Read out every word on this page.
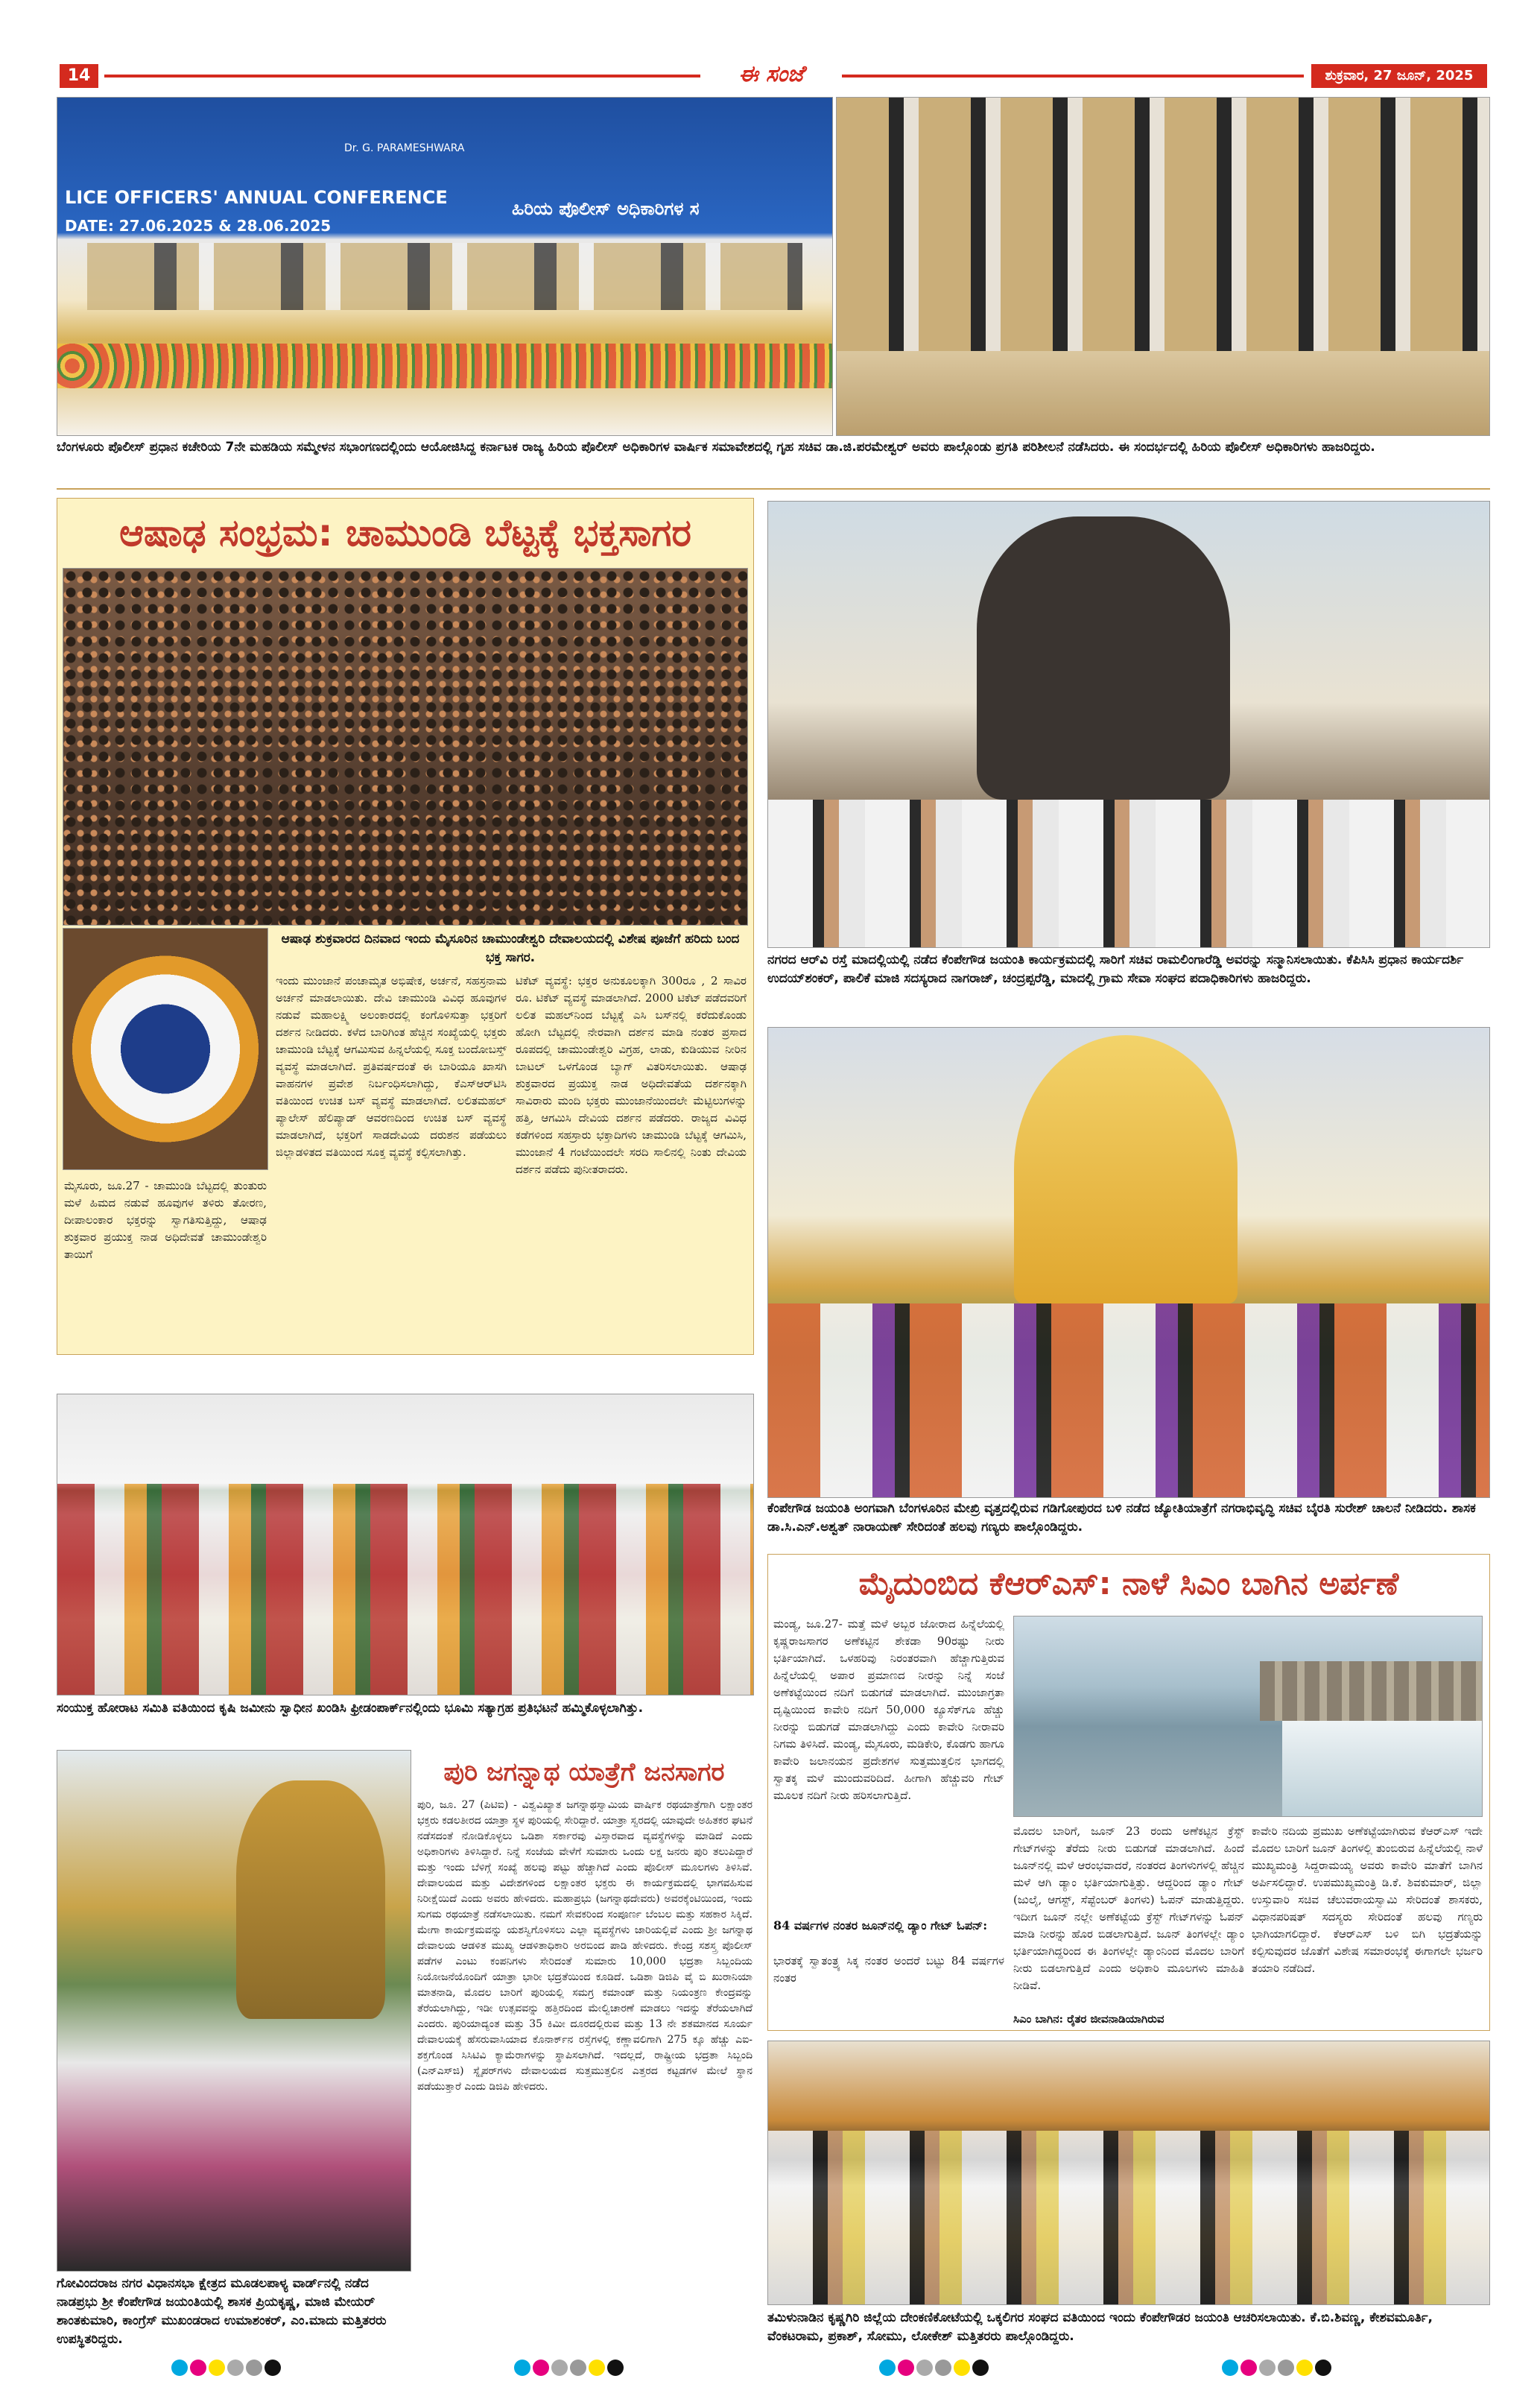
14	ಈ ಸಂಜೆ	ಶುಕ್ರವಾರ, 27 ಜೂನ್, 2025
LICE OFFICERS' ANNUAL CONFERENCE
DATE: 27.06.2025 & 28.06.2025
Dr. G. PARAMESHWARA
ಹಿರಿಯ ಪೊಲೀಸ್ ಅಧಿಕಾರಿಗಳ ಸ
ಬೆಂಗಳೂರು ಪೊಲೀಸ್ ಪ್ರಧಾನ ಕಚೇರಿಯ 7ನೇ ಮಹಡಿಯ ಸಮ್ಮೇಳನ ಸಭಾಂಗಣದಲ್ಲಿಂದು ಆಯೋಜಿಸಿದ್ದ ಕರ್ನಾಟಕ ರಾಜ್ಯ ಹಿರಿಯ ಪೊಲೀಸ್ ಅಧಿಕಾರಿಗಳ ವಾರ್ಷಿಕ ಸಮಾವೇಶದಲ್ಲಿ ಗೃಹ ಸಚಿವ ಡಾ.ಜಿ.ಪರಮೇಶ್ವರ್ ಅವರು ಪಾಲ್ಗೊಂಡು ಪ್ರಗತಿ ಪರಿಶೀಲನೆ ನಡೆಸಿದರು. ಈ ಸಂದರ್ಭದಲ್ಲಿ ಹಿರಿಯ ಪೊಲೀಸ್ ಅಧಿಕಾರಿಗಳು ಹಾಜರಿದ್ದರು.
ಆಷಾಢ ಸಂಭ್ರಮ: ಚಾಮುಂಡಿ ಬೆಟ್ಟಕ್ಕೆ ಭಕ್ತಸಾಗರ
ಆಷಾಢ ಶುಕ್ರವಾರದ ದಿನವಾದ ಇಂದು ಮೈಸೂರಿನ ಚಾಮುಂಡೇಶ್ವರಿ ದೇವಾಲಯದಲ್ಲಿ ವಿಶೇಷ ಪೂಜೆಗೆ ಹರಿದು ಬಂದ ಭಕ್ತ ಸಾಗರ.
ಮೈಸೂರು, ಜೂ.27 - ಚಾಮುಂಡಿ ಬೆಟ್ಟದಲ್ಲಿ ತುಂತುರು ಮಳೆ ಹಿಮದ ನಡುವೆ ಹೂವುಗಳ ತಳಿರು ತೋರಣ, ದೀಪಾಲಂಕಾರ ಭಕ್ತರನ್ನು ಸ್ವಾಗತಿಸುತ್ತಿದ್ದು, ಆಷಾಢ ಶುಕ್ರವಾರ ಪ್ರಯುಕ್ತ ನಾಡ ಅಧಿದೇವತೆ ಚಾಮುಂಡೇಶ್ವರಿ ತಾಯಿಗೆ
ಇಂದು ಮುಂಜಾನೆ ಪಂಚಾಮೃತ ಅಭಿಷೇಕ, ಅರ್ಚನೆ, ಸಹಸ್ರನಾಮ ಅರ್ಚನೆ ಮಾಡಲಾಯಿತು. ದೇವಿ ಚಾಮುಂಡಿ ವಿವಿಧ ಹೂವುಗಳ ನಡುವೆ ಮಹಾಲಕ್ಷ್ಮಿ ಅಲಂಕಾರದಲ್ಲಿ ಕಂಗೊಳಿಸುತ್ತಾ ಭಕ್ತರಿಗೆ ದರ್ಶನ ನೀಡಿದರು. ಕಳೆದ ಬಾರಿಗಿಂತ ಹೆಚ್ಚಿನ ಸಂಖ್ಯೆಯಲ್ಲಿ ಭಕ್ತರು ಚಾಮುಂಡಿ ಬೆಟ್ಟಕ್ಕೆ ಆಗಮಿಸುವ ಹಿನ್ನಲೆಯಲ್ಲಿ ಸೂಕ್ತ ಬಂದೋಬಸ್ತ್ ವ್ಯವಸ್ಥೆ ಮಾಡಲಾಗಿದೆ. ಪ್ರತಿವರ್ಷದಂತೆ ಈ ಬಾರಿಯೂ ಖಾಸಗಿ ವಾಹನಗಳ ಪ್ರವೇಶ ನಿರ್ಬಂಧಿಸಲಾಗಿದ್ದು, ಕೆಎಸ್ಆರ್‌ಟಿಸಿ ವತಿಯಿಂದ ಉಚಿತ ಬಸ್ ವ್ಯವಸ್ಥೆ ಮಾಡಲಾಗಿದೆ. ಲಲಿತಮಹಲ್ ಪ್ಯಾಲೇಸ್ ಹೆಲಿಪ್ಯಾಡ್ ಆವರಣದಿಂದ ಉಚಿತ ಬಸ್ ವ್ಯವಸ್ಥೆ ಮಾಡಲಾಗಿದೆ, ಭಕ್ತರಿಗೆ ಸಾಡದೇವಿಯ ದರುಶನ ಪಡೆಯಲು ಜಿಲ್ಲಾಡಳಿತದ ವತಿಯಿಂದ ಸೂಕ್ತ ವ್ಯವಸ್ಥೆ ಕಲ್ಪಿಸಲಾಗಿತ್ತು.
ಟಿಕೆಟ್ ವ್ಯವಸ್ಥೆ: ಭಕ್ತರ ಅನುಕೂಲಕ್ಕಾಗಿ 300ರೂ , 2 ಸಾವಿರ ರೂ. ಟಿಕೆಟ್ ವ್ಯವಸ್ಥೆ ಮಾಡಲಾಗಿದೆ. 2000 ಟಿಕೆಟ್ ಪಡೆದವರಿಗೆ ಲಲಿತ ಮಹಲ್‌ನಿಂದ ಬೆಟ್ಟಕ್ಕೆ ಎಸಿ ಬಸ್‌ನಲ್ಲಿ ಕರೆದುಕೊಂಡು ಹೋಗಿ ಬೆಟ್ಟದಲ್ಲಿ ನೇರವಾಗಿ ದರ್ಶನ ಮಾಡಿ ನಂತರ ಪ್ರಸಾದ ರೂಪದಲ್ಲಿ ಚಾಮುಂಡೇಶ್ವರಿ ವಿಗ್ರಹ, ಲಾಡು, ಕುಡಿಯುವ ನೀರಿನ ಬಾಟಲ್ ಒಳಗೊಂಡ ಬ್ಯಾಗ್ ವಿತರಿಸಲಾಯಿತು. ಆಷಾಢ ಶುಕ್ರವಾರದ ಪ್ರಯುಕ್ತ ನಾಡ ಅಧಿದೇವತೆಯ ದರ್ಶನಕ್ಕಾಗಿ ಸಾವಿರಾರು ಮಂದಿ ಭಕ್ತರು ಮುಂಜಾನೆಯಿಂದಲೇ ಮೆಟ್ಟಿಲುಗಳನ್ನು ಹತ್ತಿ, ಆಗಮಿಸಿ ದೇವಿಯ ದರ್ಶನ ಪಡೆದರು. ರಾಜ್ಯದ ವಿವಿಧ ಕಡೆಗಳಿಂದ ಸಹಸ್ರಾರು ಭಕ್ತಾದಿಗಳು ಚಾಮುಂಡಿ ಬೆಟ್ಟಕ್ಕೆ ಆಗಮಿಸಿ, ಮುಂಜಾನೆ 4 ಗಂಟೆಯಿಂದಲೇ ಸರದಿ ಸಾಲಿನಲ್ಲಿ ನಿಂತು ದೇವಿಯ ದರ್ಶನ ಪಡೆದು ಪುನೀತರಾದರು.
ನಗರದ ಆರ್‌ವಿ ರಸ್ತೆ ಮಾದಲ್ಲಿಯಲ್ಲಿ ನಡೆದ ಕೆಂಪೇಗೌಡ ಜಯಂತಿ ಕಾರ್ಯಕ್ರಮದಲ್ಲಿ ಸಾರಿಗೆ ಸಚಿವ ರಾಮಲಿಂಗಾರೆಡ್ಡಿ ಅವರನ್ನು ಸನ್ಮಾನಿಸಲಾಯಿತು. ಕೆಪಿಸಿಸಿ ಪ್ರಧಾನ ಕಾರ್ಯದರ್ಶಿ ಉದಯ್‌ಶಂಕರ್, ಪಾಲಿಕೆ ಮಾಜಿ ಸದಸ್ಯರಾದ ನಾಗರಾಜ್, ಚಂದ್ರಪ್ಪರೆಡ್ಡಿ, ಮಾದಲ್ಲಿ ಗ್ರಾಮ ಸೇವಾ ಸಂಘದ ಪದಾಧಿಕಾರಿಗಳು ಹಾಜರಿದ್ದರು.
ಕೆಂಪೇಗೌಡ ಜಯಂತಿ ಅಂಗವಾಗಿ ಬೆಂಗಳೂರಿನ ಮೇಖ್ರಿ ವೃತ್ತದಲ್ಲಿರುವ ಗಡಿಗೋಪುರದ ಬಳಿ ನಡೆದ ಜ್ಯೋತಿಯಾತ್ರೆಗೆ ನಗರಾಭಿವೃದ್ಧಿ ಸಚಿವ ಬೈರತಿ ಸುರೇಶ್ ಚಾಲನೆ ನೀಡಿದರು. ಶಾಸಕ ಡಾ.ಸಿ.ಎನ್.ಅಶ್ವತ್ ನಾರಾಯಣ್ ಸೇರಿದಂತೆ ಹಲವು ಗಣ್ಯರು ಪಾಲ್ಗೊಂಡಿದ್ದರು.
ಸಂಯುಕ್ತ ಹೋರಾಟ ಸಮಿತಿ ವತಿಯಿಂದ ಕೃಷಿ ಜಮೀನು ಸ್ವಾಧೀನ ಖಂಡಿಸಿ ಫ್ರೀಡಂಪಾರ್ಕ್‌ನಲ್ಲಿಂದು ಭೂಮಿ ಸತ್ಯಾಗ್ರಹ ಪ್ರತಿಭಟನೆ ಹಮ್ಮಿಕೊಳ್ಳಲಾಗಿತ್ತು.
ಮೈದುಂಬಿದ ಕೆಆರ್‌ಎಸ್: ನಾಳೆ ಸಿಎಂ ಬಾಗಿನ ಅರ್ಪಣೆ
ಮಂಡ್ಯ, ಜೂ.27- ಮತ್ತೆ ಮಳೆ ಅಬ್ಬರ ಜೋರಾದ ಹಿನ್ನೆಲೆಯಲ್ಲಿ ಕೃಷ್ಣರಾಜಸಾಗರ ಅಣೆಕಟ್ಟಿನ ಶೇಕಡಾ 90ರಷ್ಟು ನೀರು ಭರ್ತಿಯಾಗಿದೆ. ಒಳಹರಿವು ನಿರಂತರವಾಗಿ ಹೆಚ್ಚಾಗುತ್ತಿರುವ ಹಿನ್ನೆಲೆಯಲ್ಲಿ ಅಪಾರ ಪ್ರಮಾಣದ ನೀರನ್ನು ನಿನ್ನೆ ಸಂಜೆ ಅಣೆಕಟ್ಟೆಯಿಂದ ನದಿಗೆ ಬಿಡುಗಡೆ ಮಾಡಲಾಗಿದೆ. ಮುಂಜಾಗ್ರತಾ ದೃಷ್ಟಿಯಿಂದ ಕಾವೇರಿ ನದಿಗೆ 50,000 ಕ್ಯೂಸೆಕ್‌ಗೂ ಹೆಚ್ಚು ನೀರನ್ನು ಬಿಡುಗಡೆ ಮಾಡಲಾಗಿದ್ದು ಎಂದು ಕಾವೇರಿ ನೀರಾವರಿ ನಿಗಮ ತಿಳಿಸಿದೆ. ಮಂಡ್ಯ, ಮೈಸೂರು, ಮಡಿಕೇರಿ, ಕೊಡಗು ಹಾಗೂ ಕಾವೇರಿ ಜಲಾನಯನ ಪ್ರದೇಶಗಳ ಸುತ್ತಮುತ್ತಲಿನ ಭಾಗದಲ್ಲಿ ಸ್ವಾತಕ್ಕ ಮಳೆ ಮುಂದುವರಿದಿದೆ. ಹೀಗಾಗಿ ಹೆಚ್ಚುವರಿ ಗೇಟ್ ಮೂಲಕ ನದಿಗೆ ನೀರು ಹರಿಸಲಾಗುತ್ತಿದೆ.
84 ವರ್ಷಗಳ ನಂತರ ಜೂನ್‌ನಲ್ಲಿ ಡ್ಯಾಂ ಗೇಟ್ ಓಪನ್:
ಭಾರತಕ್ಕೆ ಸ್ವಾತಂತ್ರ್ಯ ಸಿಕ್ಕ ನಂತರ ಅಂದರೆ ಬಟ್ಟು 84 ವರ್ಷಗಳ ನಂತರ
ಮೊದಲ ಬಾರಿಗೆ, ಜೂನ್ 23 ರಂದು ಅಣೆಕಟ್ಟಿನ ಕ್ರೆಸ್ಟ್ ಗೇಟ್‌ಗಳನ್ನು ತೆರೆದು ನೀರು ಬಿಡುಗಡೆ ಮಾಡಲಾಗಿದೆ. ಹಿಂದೆ ಜೂನ್‌ನಲ್ಲಿ ಮಳೆ ಆರಂಭವಾದರೆ, ನಂತರದ ತಿಂಗಳುಗಳಲ್ಲಿ ಹೆಚ್ಚಿನ ಮಳೆ ಆಗಿ ಡ್ಯಾಂ ಭರ್ತಿಯಾಗುತ್ತಿತ್ತು. ಆದ್ದರಿಂದ ಡ್ಯಾಂ ಗೇಟ್ (ಜುಲೈ, ಆಗಸ್ಟ್, ಸೆಪ್ಟೆಂಬರ್ ತಿಂಗಳು) ಓಪನ್ ಮಾಡುತ್ತಿದ್ದರು. ಇದೀಗ ಜೂನ್ ನಲ್ಲೇ ಅಣೆಕಟ್ಟೆಯ ಕ್ರೆಸ್ಟ್ ಗೇಟ್‌ಗಳನ್ನು ಓಪನ್ ಮಾಡಿ ನೀರನ್ನು ಹೊರ ಬಿಡಲಾಗುತ್ತಿದೆ. ಜೂನ್ ತಿಂಗಳಲ್ಲೇ ಡ್ಯಾಂ ಭರ್ತಿಯಾಗಿದ್ದರಿಂದ ಈ ತಿಂಗಳಲ್ಲೇ ಡ್ಯಾಂನಿಂದ ಮೊದಲ ಬಾರಿಗೆ ನೀರು ಬಿಡಲಾಗುತ್ತಿದೆ ಎಂದು ಅಧಿಕಾರಿ ಮೂಲಗಳು ಮಾಹಿತಿ ನೀಡಿವೆ.
ಸಿಎಂ ಬಾಗಿನ: ರೈತರ ಜೀವನಾಡಿಯಾಗಿರುವ
ಕಾವೇರಿ ನದಿಯ ಪ್ರಮುಖ ಅಣೆಕಟ್ಟೆಯಾಗಿರುವ ಕೆಆರ್‌ಎಸ್ ಇದೇ ಮೊದಲ ಬಾರಿಗೆ ಜೂನ್ ತಿಂಗಳಲ್ಲಿ ತುಂಬಿರುವ ಹಿನ್ನೆಲೆಯಲ್ಲಿ ನಾಳೆ ಮುಖ್ಯಮಂತ್ರಿ ಸಿದ್ದರಾಮಯ್ಯ ಅವರು ಕಾವೇರಿ ಮಾತೆಗೆ ಬಾಗಿನ ಅರ್ಪಿಸಲಿದ್ದಾರೆ. ಉಪಮುಖ್ಯಮಂತ್ರಿ ಡಿ.ಕೆ. ಶಿವಕುಮಾರ್, ಜಿಲ್ಲಾ ಉಸ್ತುವಾರಿ ಸಚಿವ ಚೆಲುವರಾಯಸ್ವಾಮಿ ಸೇರಿದಂತೆ ಶಾಸಕರು, ವಿಧಾನಪರಿಷತ್ ಸದಸ್ಯರು ಸೇರಿದಂತೆ ಹಲವು ಗಣ್ಯರು ಭಾಗಿಯಾಗಲಿದ್ದಾರೆ. ಕೆಆರ್‌ಎಸ್ ಬಳಿ ಬಿಗಿ ಭದ್ರತೆಯನ್ನು ಕಲ್ಪಿಸುವುದರ ಜೊತೆಗೆ ವಿಶೇಷ ಸಮಾರಂಭಕ್ಕೆ ಈಗಾಗಲೇ ಭರ್ಜರಿ ತಯಾರಿ ನಡೆದಿದೆ.
ಗೋವಿಂದರಾಜ ನಗರ ವಿಧಾನಸಭಾ ಕ್ಷೇತ್ರದ ಮೂಡಲಪಾಳ್ಯ ವಾರ್ಡ್‌ನಲ್ಲಿ ನಡೆದ ನಾಡಪ್ರಭು ಶ್ರೀ ಕೆಂಪೇಗೌಡ ಜಯಂತಿಯಲ್ಲಿ ಶಾಸಕ ಪ್ರಿಯಕೃಷ್ಣ, ಮಾಜಿ ಮೇಯರ್ ಶಾಂತಕುಮಾರಿ, ಕಾಂಗ್ರೆಸ್ ಮುಖಂಡರಾದ ಉಮಾಶಂಕರ್, ಎಂ.ಮಾದು ಮತ್ತಿತರರು ಉಪಸ್ಥಿತರಿದ್ದರು.
ಪುರಿ ಜಗನ್ನಾಥ ಯಾತ್ರೆಗೆ ಜನಸಾಗರ
ಪುರಿ, ಜೂ. 27 (ಪಿಟಿಐ) - ವಿಶ್ವವಿಖ್ಯಾತ ಜಗನ್ನಾಥಸ್ವಾಮಿಯ ವಾರ್ಷಿಕ ರಥಯಾತ್ರೆಗಾಗಿ ಲಕ್ಷಾಂತರ ಭಕ್ತರು ಕಡಲತೀರದ ಯಾತ್ರಾ ಸ್ಥಳ ಪುರಿಯಲ್ಲಿ ಸೇರಿದ್ದಾರೆ. ಯಾತ್ರಾ ಸ್ವರದಲ್ಲಿ ಯಾವುದೇ ಅಹಿತಕರ ಘಟನೆ ನಡೆಸದಂತೆ ನೋಡಿಕೊಳ್ಳಲು ಒಡಿಶಾ ಸರ್ಕಾರವು ವಿಸ್ತಾರವಾದ ವ್ಯವಸ್ಥೆಗಳನ್ನು ಮಾಡಿದೆ ಎಂದು ಅಧಿಕಾರಿಗಳು ತಿಳಿಸಿದ್ದಾರೆ. ನಿನ್ನೆ ಸಂಜೆಯ ವೇಳೆಗೆ ಸುಮಾರು ಒಂದು ಲಕ್ಷ ಜನರು ಪುರಿ ತಲುಪಿದ್ದಾರೆ ಮತ್ತು ಇಂದು ಬೆಳಿಗ್ಗೆ ಸಂಖ್ಯೆ ಹಲವು ಪಟ್ಟು ಹೆಚ್ಚಾಗಿದೆ ಎಂದು ಪೊಲೀಸ್ ಮೂಲಗಳು ತಿಳಿಸಿವೆ. ದೇವಾಲಯದ ಮತ್ತು ವಿದೇಶಗಳಿಂದ ಲಕ್ಷಾಂತರ ಭಕ್ತರು ಈ ಕಾರ್ಯಕ್ರಮದಲ್ಲಿ ಭಾಗವಹಿಸುವ ನಿರೀಕ್ಷೆಯಿದೆ ಎಂದು ಅವರು ಹೇಳಿದರು. ಮಹಾಪ್ರಭು (ಜಗನ್ನಾಥದೇವರು) ಅವರಕ್ಕೆಂಟಿಯಿಂದ, ಇಂದು ಸುಗಮ ರಥಯಾತ್ರೆ ನಡೆಸಲಾಯಿತು. ನಮಗೆ ಸೇವಕರಿಂದ ಸಂಪೂರ್ಣ ಬೆಂಬಲ ಮತ್ತು ಸಹಕಾರ ಸಿಕ್ಕಿದೆ. ಮೇಗಾ ಕಾರ್ಯಕ್ರಮವನ್ನು ಯಶಸ್ವಿಗೊಳಿಸಲು ಎಲ್ಲಾ ವ್ಯವಸ್ಥೆಗಳು ಜಾರಿಯಲ್ಲಿವೆ ಎಂದು ಶ್ರೀ ಜಗನ್ನಾಥ ದೇವಾಲಯ ಆಡಳಿತ ಮುಖ್ಯ ಆಡಳಿತಾಧಿಕಾರಿ ಅರಬಿಂದ ಪಾಡಿ ಹೇಳಿದರು. ಕೇಂದ್ರ ಸಶಸ್ತ್ರ ಪೊಲೀಸ್ ಪಡೆಗಳ ಎಂಟು ಕಂಪನಿಗಳು ಸೇರಿದಂತೆ ಸುಮಾರು 10,000 ಭದ್ರತಾ ಸಿಬ್ಬಂದಿಯ ನಿಯೋಜನೆಯೊಂದಿಗೆ ಯಾತ್ರಾ ಭಾರೀ ಭದ್ರತೆಯಿಂದ ಕೂಡಿದೆ. ಒಡಿಶಾ ಡಿಜಿಪಿ ವೈ ಬಿ ಖುರಾನಿಯಾ ಮಾತನಾಡಿ, ಮೊದಲ ಬಾರಿಗೆ ಪುರಿಯಲ್ಲಿ ಸಮಗ್ರ ಕಮಾಂಡ್ ಮತ್ತು ನಿಯಂತ್ರಣ ಕೇಂದ್ರವನ್ನು ತೆರೆಯಲಾಗಿದ್ದು, ಇಡೀ ಉತ್ಸವವನ್ನು ಹತ್ತಿರದಿಂದ ಮೇಲ್ವಿಚಾರಣೆ ಮಾಡಲು ಇದನ್ನು ತೆರೆಯಲಾಗಿದೆ ಎಂದರು. ಪುರಿಯಾದ್ಯಂತ ಮತ್ತು 35 ಕಿಮೀ ದೂರದಲ್ಲಿರುವ ಮತ್ತು 13 ನೇ ಶತಮಾನದ ಸೂರ್ಯ ದೇವಾಲಯಕ್ಕೆ ಹೆಸರುವಾಸಿಯಾದ ಕೊನಾರ್ಕ್‌ನ ರಸ್ತೆಗಳಲ್ಲಿ ಕಣ್ಣಾವಲಿಗಾಗಿ 275 ಕ್ಕೂ ಹೆಚ್ಚು ಎಐ-ಶಕ್ತಗೊಂಡ ಸಿಸಿಟಿವಿ ಕ್ಯಾಮೆರಾಗಳನ್ನು ಸ್ಥಾಪಿಸಲಾಗಿದೆ. ಇದಲ್ಲದೆ, ರಾಷ್ಟ್ರೀಯ ಭದ್ರತಾ ಸಿಬ್ಬಂದಿ (ಎನ್‌ಎಸ್‌ಜಿ) ಸ್ನೈಪರ್‌ಗಳು ದೇವಾಲಯದ ಸುತ್ತಮುತ್ತಲಿನ ಎತ್ತರದ ಕಟ್ಟಡಗಳ ಮೇಲೆ ಸ್ಥಾನ ಪಡೆಯುತ್ತಾರೆ ಎಂದು ಡಿಜಿಪಿ ಹೇಳಿದರು.
ತಮಿಳುನಾಡಿನ ಕೃಷ್ಣಗಿರಿ ಜಿಲ್ಲೆಯ ದೇಂಕಣಿಕೋಟೆಯಲ್ಲಿ ಒಕ್ಕಲಿಗರ ಸಂಘದ ವತಿಯಿಂದ ಇಂದು ಕೆಂಪೇಗೌಡರ ಜಯಂತಿ ಆಚರಿಸಲಾಯಿತು. ಕೆ.ಬಿ.ಶಿವಣ್ಣ, ಕೇಶವಮೂರ್ತಿ, ವೆಂಕಟರಾಮ, ಪ್ರಕಾಶ್, ಸೋಮು, ಲೋಕೇಶ್ ಮತ್ತಿತರರು ಪಾಲ್ಗೊಂಡಿದ್ದರು.
